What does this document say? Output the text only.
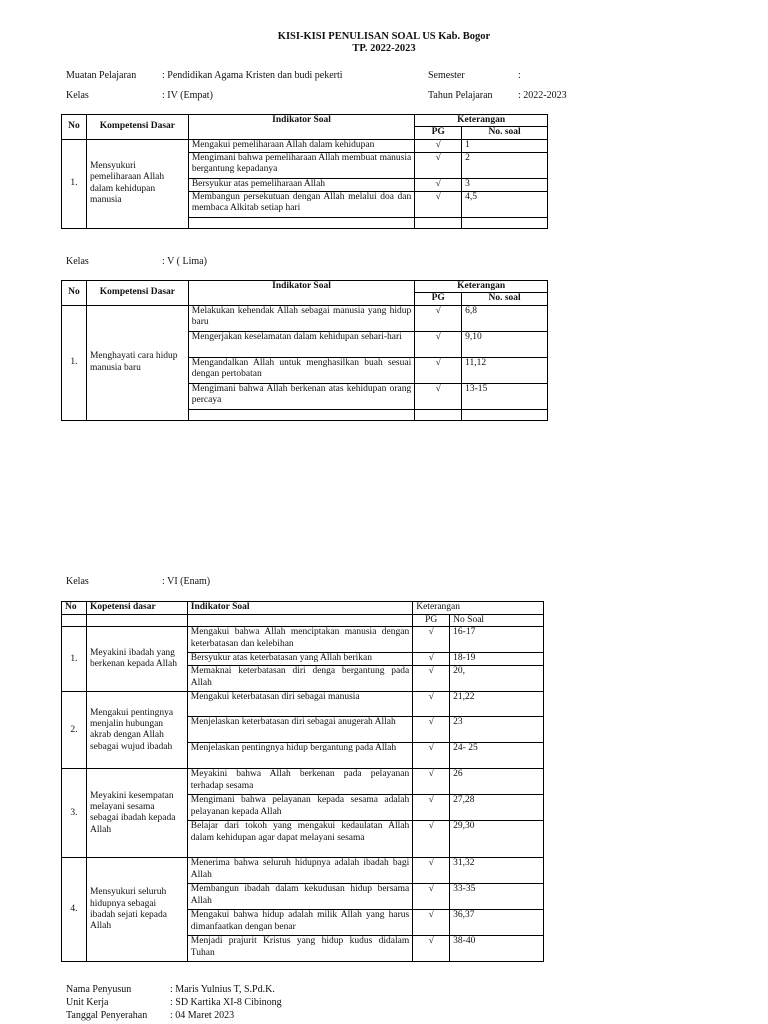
KISI-KISI PENULISAN SOAL US Kab. Bogor
TP. 2022-2023
Muatan Pelajaran	: Pendidikan Agama Kristen dan budi pekerti	Semester	:
Kelas	: IV (Empat)	Tahun Pelajaran	: 2022-2023
No	Kompetensi Dasar	Indikator Soal	Keterangan	
			PG	No. soal
1.	Mensyukuri pemeliharaan Allah dalam kehidupan manusia	Mengakui pemeliharaan Allah dalam kehidupan	√	1
		Mengimani bahwa pemeliharaan Allah membuat manusia bergantung kepadanya	√	2
		Bersyukur atas pemeliharaan Allah	√	3
		Membangun persekutuan dengan Allah melalui doa dan membaca Alkitab setiap hari	√	4,5

Kelas	: V ( Lima)
No	Kompetensi Dasar	Indikator Soal	Keterangan	
			PG	No. soal
1.	Menghayati cara hidup manusia baru	Melakukan kehendak Allah sebagai manusia yang hidup baru	√	6,8
		Mengerjakan keselamatan dalam kehidupan sehari-hari	√	9,10
		Mengandalkan Allah untuk menghasilkan buah sesuai dengan pertobatan	√	11,12
		Mengimani bahwa Allah berkenan atas kehidupan orang percaya	√	13-15

Kelas	: VI (Enam)
No	Kopetensi dasar	Indikator Soal	Keterangan	
			PG	No Soal
1.	Meyakini ibadah yang berkenan kepada Allah	Mengakui bahwa Allah menciptakan manusia dengan keterbatasan dan kelebihan	√	16-17
		Bersyukur atas keterbatasan yang Allah berikan	√	18-19
		Memaknai keterbatasan diri denga bergantung pada Allah	√	20,
2.	Mengakui pentingnya menjalin hubungan akrab dengan Allah sebagai wujud ibadah	Mengakui keterbatasan diri sebagai manusia	√	21,22
		Menjelaskan keterbatasan diri sebagai anugerah Allah	√	23
		Menjelaskan pentingnya hidup bergantung pada Allah	√	24- 25
3.	Meyakini kesempatan melayani sesama sebagai ibadah kepada Allah	Meyakini bahwa Allah berkenan pada pelayanan terhadap sesama	√	26
		Mengimani bahwa pelayanan kepada sesama adalah pelayanan kepada Allah	√	27,28
		Belajar dari tokoh yang mengakui kedaulatan Allah dalam kehidupan agar dapat melayani sesama	√	29,30
4.	Mensyukuri seluruh hidupnya sebagai ibadah sejati kepada Allah	Menerima bahwa seluruh hidupnya adalah ibadah bagi Allah	√	31,32
		Membangun ibadah dalam kekudusan hidup bersama Allah	√	33-35
		Mengakui bahwa hidup adalah milik Allah yang harus dimanfaatkan dengan benar	√	36,37
		Menjadi prajurit Kristus yang hidup kudus didalam Tuhan	√	38-40
Nama Penyusun	: Maris Yulnius T, S.Pd.K.
Unit Kerja	: SD Kartika XI-8 Cibinong
Tanggal Penyerahan : 04 Maret 2023
